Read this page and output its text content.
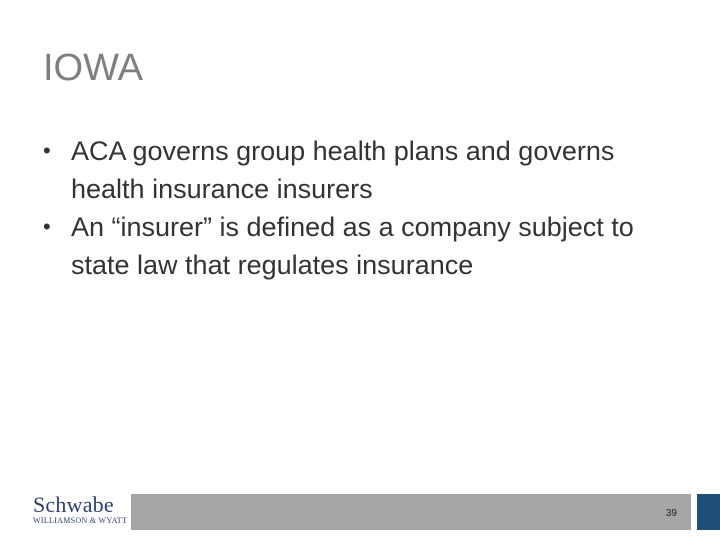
IOWA
• ACA governs group health plans and governs health insurance insurers
• An “insurer” is defined as a company subject to state law that regulates insurance
Schwabe
WILLIAMSON & WYATT
39
